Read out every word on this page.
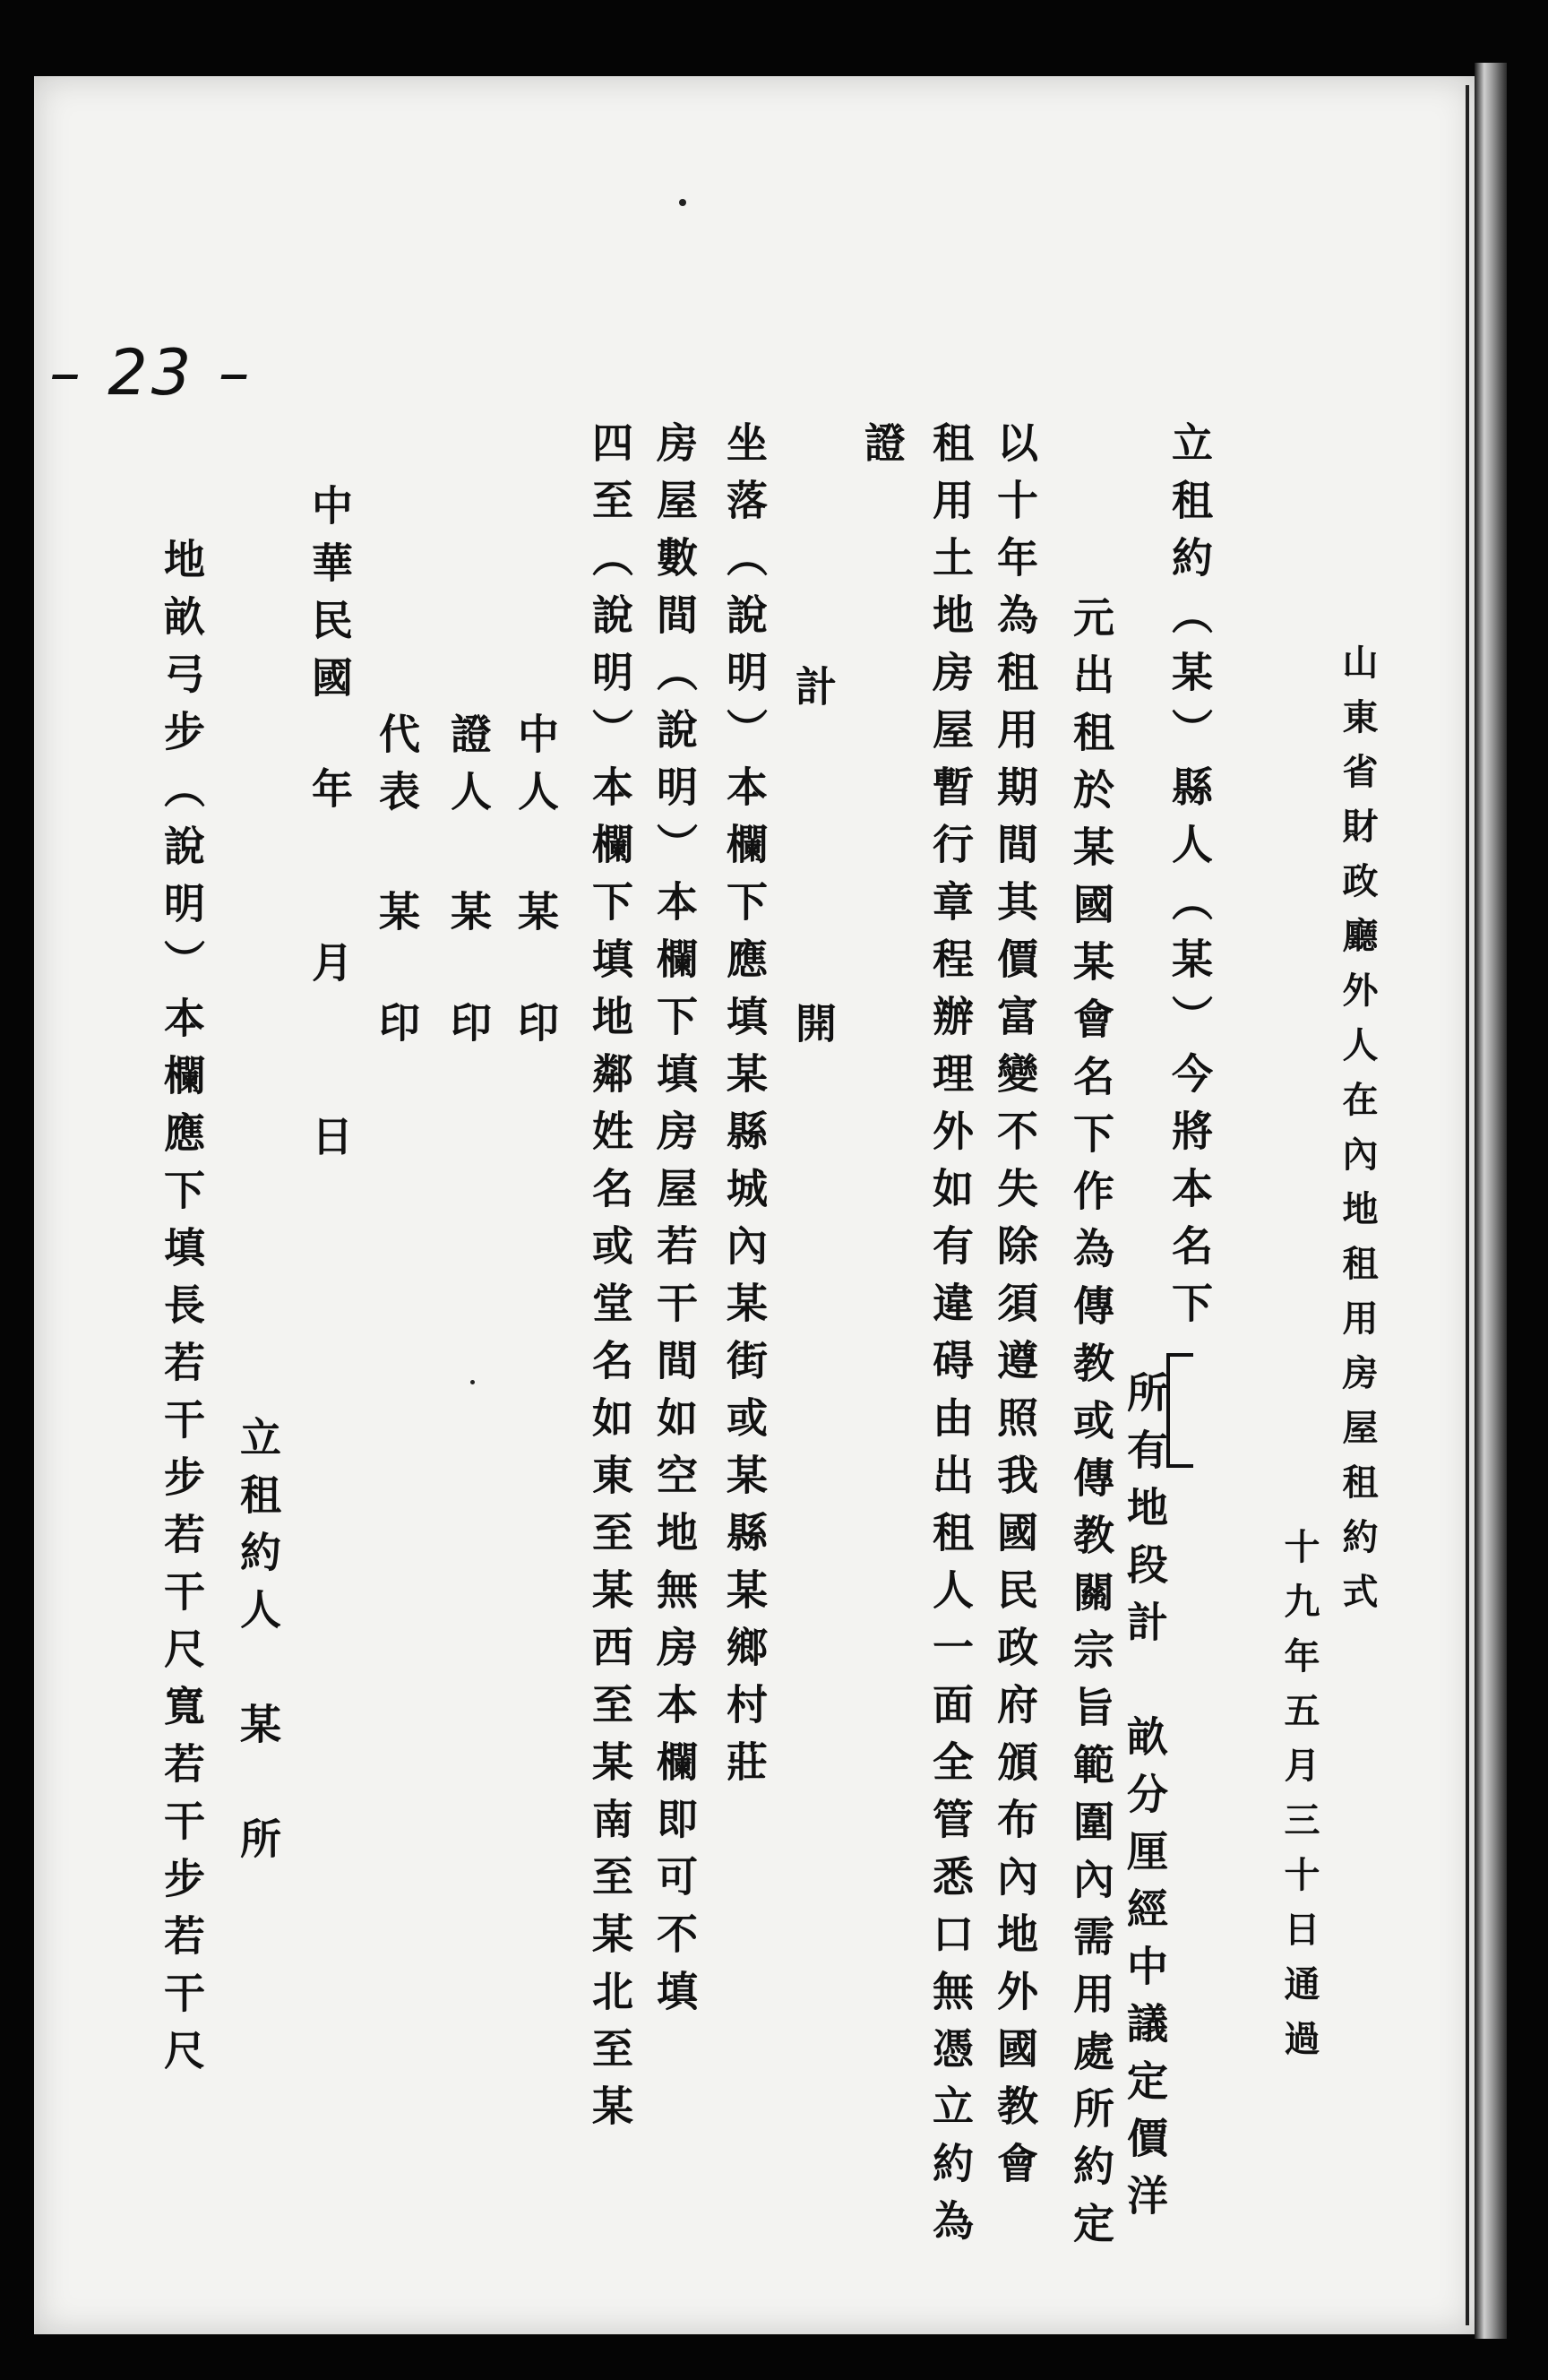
– 23 –
山東省財政廳外人在內地租用房屋租約式
十九年五月三十日通過
立租約（某）縣人（某）今將本名下
所有地段計　畝分厘經中議定價洋
元出租於某國某會名下作為傳教或傳教關宗旨範圍內需用處所約定
以十年為租用期間其價富變不失除須遵照我國民政府頒布內地外國教會
租用土地房屋暫行章程辦理外如有違碍由出租人一面全管悉口無憑立約為
證
計開
坐落（說明）本欄下應填某縣城內某街或某縣某鄉村莊
房屋數間（說明）本欄下填房屋若干間如空地無房本欄即可不填
四至（說明）本欄下填地鄰姓名或堂名如東至某西至某南至某北至某
中人某印
證人某印
代表某印
中華民國年月日
立租約人　某　所
地畝弓步（說明）本欄應下填長若干步若干尺寬若干步若干尺
